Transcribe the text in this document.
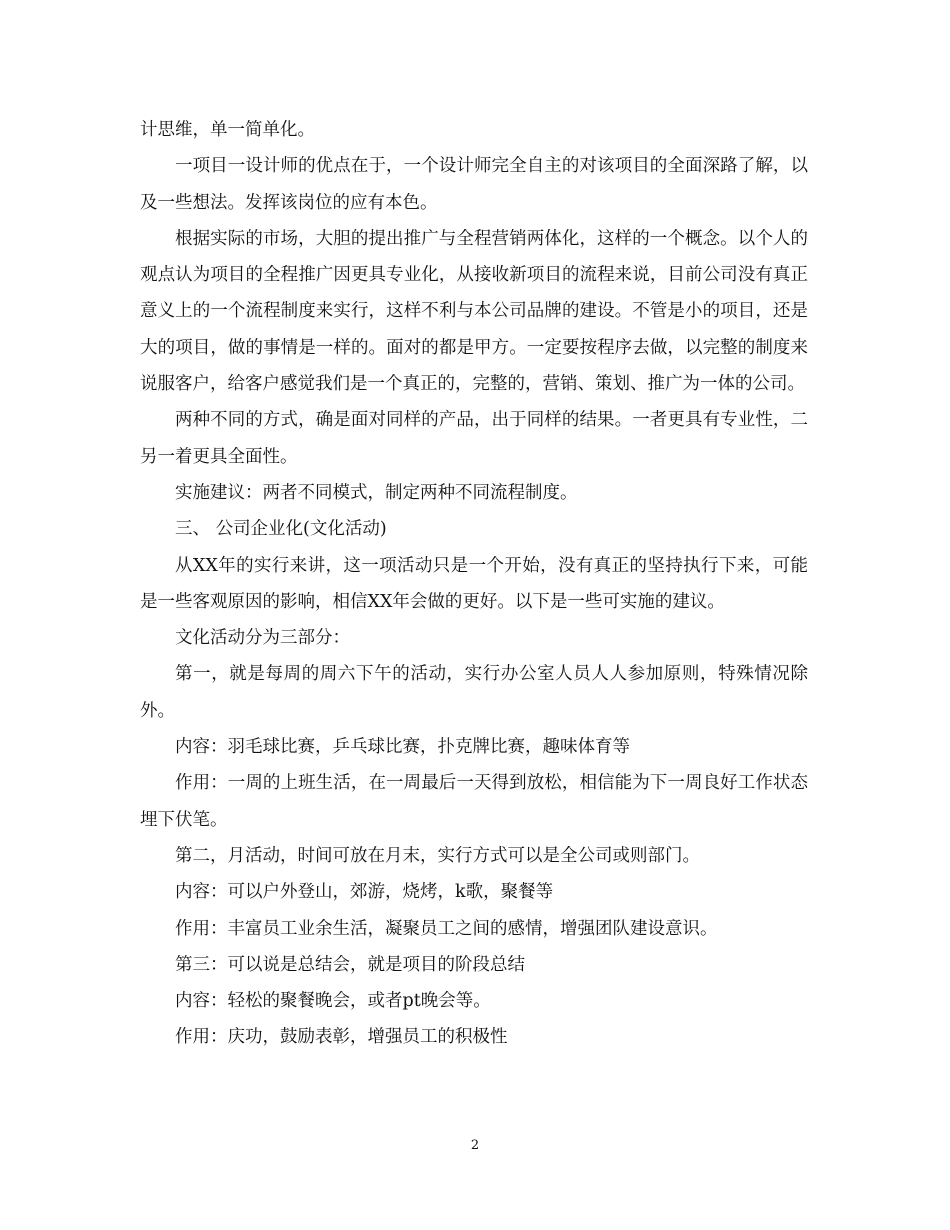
计思维，单一简单化。

一项目一设计师的优点在于，一个设计师完全自主的对该项目的全面深路了解，以及一些想法。发挥该岗位的应有本色。

根据实际的市场，大胆的提出推广与全程营销两体化，这样的一个概念。以个人的观点认为项目的全程推广因更具专业化，从接收新项目的流程来说，目前公司没有真正意义上的一个流程制度来实行，这样不利与本公司品牌的建设。不管是小的项目，还是大的项目，做的事情是一样的。面对的都是甲方。一定要按程序去做，以完整的制度来说服客户，给客户感觉我们是一个真正的，完整的，营销、策划、推广为一体的公司。

两种不同的方式，确是面对同样的产品，出于同样的结果。一者更具有专业性，二另一着更具全面性。

实施建议：两者不同模式，制定两种不同流程制度。

三、 公司企业化(文化活动)

从XX年的实行来讲，这一项活动只是一个开始，没有真正的坚持执行下来，可能是一些客观原因的影响，相信XX年会做的更好。以下是一些可实施的建议。

文化活动分为三部分：

第一，就是每周的周六下午的活动，实行办公室人员人人参加原则，特殊情况除外。

内容：羽毛球比赛，乒乓球比赛，扑克牌比赛，趣味体育等

作用：一周的上班生活，在一周最后一天得到放松，相信能为下一周良好工作状态埋下伏笔。

第二，月活动，时间可放在月末，实行方式可以是全公司或则部门。

内容：可以户外登山，郊游，烧烤，k歌，聚餐等

作用：丰富员工业余生活，凝聚员工之间的感情，增强团队建设意识。

第三：可以说是总结会，就是项目的阶段总结

内容：轻松的聚餐晚会，或者pt晚会等。

作用：庆功，鼓励表彰，增强员工的积极性

2
